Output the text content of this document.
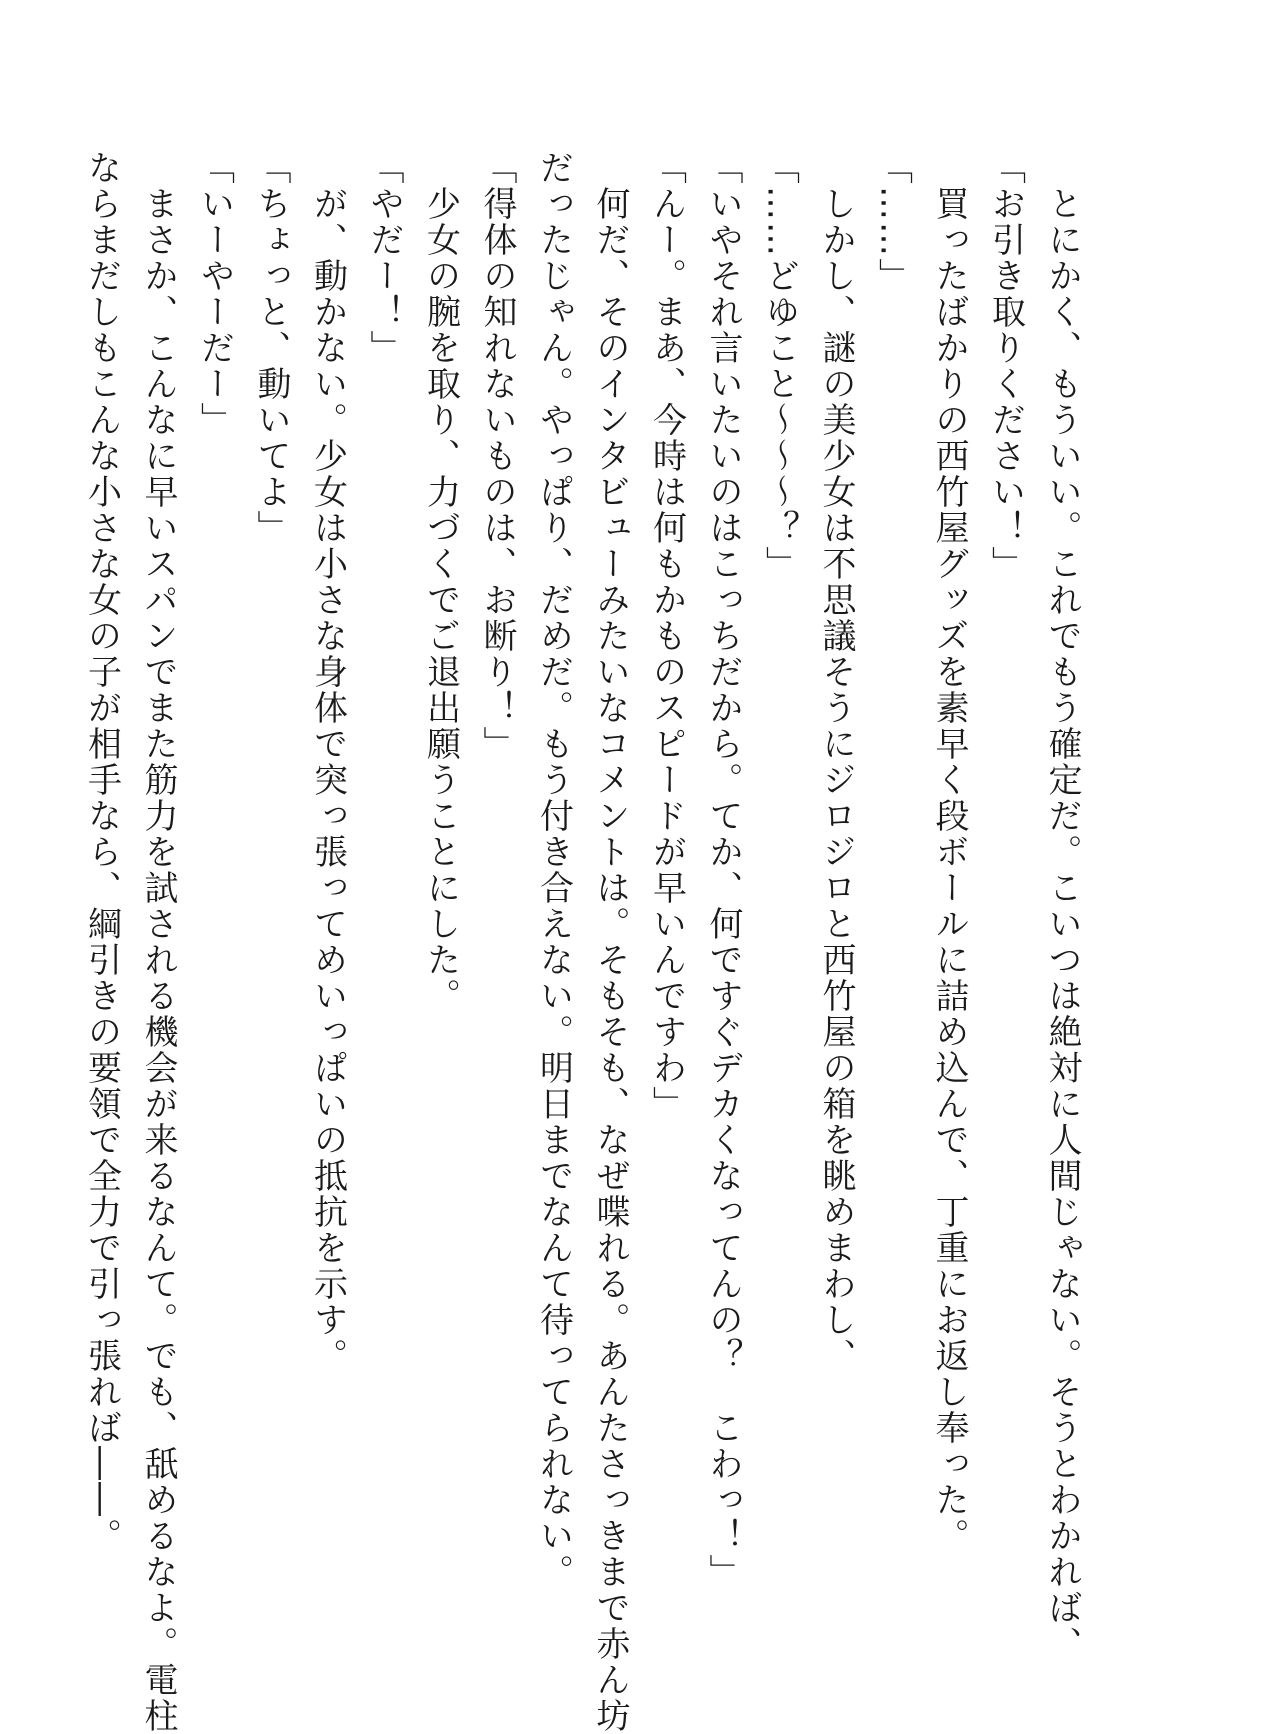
　とにかく、もういい。これでもう確定だ。こいつは絶対に人間じゃない。そうとわかれば、

「お引き取りください！」

　買ったばかりの西竹屋グッズを素早く段ボールに詰め込んで、丁重にお返し奉った。

「……」

　しかし、謎の美少女は不思議そうにジロジロと西竹屋の箱を眺めまわし、

「……どゆこと〜〜〜？」

「いやそれ言いたいのはこっちだから。てか、何ですぐデカくなってんの？　こわっ！」

「んー。まあ、今時は何もかものスピードが早いんですわ」

　何だ、そのインタビューみたいなコメントは。そもそも、なぜ喋れる。あんたさっきまで赤ん坊

だったじゃん。やっぱり、だめだ。もう付き合えない。明日までなんて待ってられない。

「得体の知れないものは、お断り！」

　少女の腕を取り、力づくでご退出願うことにした。

「やだー！」

　が、動かない。少女は小さな身体で突っ張ってめいっぱいの抵抗を示す。

「ちょっと、動いてよ」

「いーやーだー」

　まさか、こんなに早いスパンでまた筋力を試される機会が来るなんて。でも、舐めるなよ。電柱

ならまだしもこんな小さな女の子が相手なら、綱引きの要領で全力で引っ張れば――。
